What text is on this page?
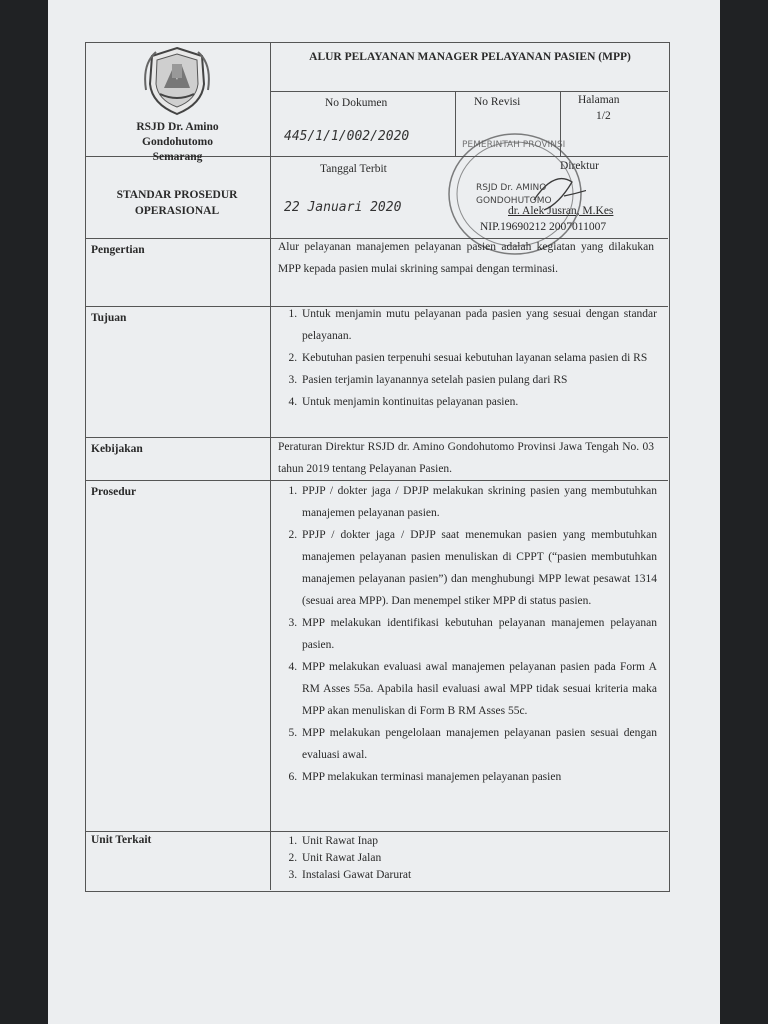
RSJD Dr. Amino Gondohutomo Semarang
ALUR PELAYANAN MANAGER PELAYANAN PASIEN (MPP)
No Dokumen
445/1/1/002/2020
No Revisi	Halaman
1/2
STANDAR PROSEDUR OPERASIONAL
Tanggal Terbit
22 Januari 2020
Direktur
dr. Alek Jusran, M.Kes
NIP.19690212 2007011007
PEMERINTAH PROVINSI
RSJD Dr. AMINO
GONDOHUTOMO
Pengertian	Alur pelayanan manajemen pelayanan pasien adalah kegiatan yang dilakukan MPP kepada pasien mulai skrining sampai dengan terminasi.
Tujuan	1. Untuk menjamin mutu pelayanan pada pasien yang sesuai dengan standar pelayanan.
2. Kebutuhan pasien terpenuhi sesuai kebutuhan layanan selama pasien di RS
3. Pasien terjamin layanannya setelah pasien pulang dari RS
4. Untuk menjamin kontinuitas pelayanan pasien.
Kebijakan	Peraturan Direktur RSJD dr. Amino Gondohutomo Provinsi Jawa Tengah No. 03 tahun 2019 tentang Pelayanan Pasien.
Prosedur	1. PPJP / dokter jaga / DPJP melakukan skrining pasien yang membutuhkan manajemen pelayanan pasien.
2. PPJP / dokter jaga / DPJP saat menemukan pasien yang membutuhkan manajemen pelayanan pasien menuliskan di CPPT (“pasien membutuhkan manajemen pelayanan pasien”) dan menghubungi MPP lewat pesawat 1314 (sesuai area MPP). Dan menempel stiker MPP di status pasien.
3. MPP melakukan identifikasi kebutuhan pelayanan manajemen pelayanan pasien.
4. MPP melakukan evaluasi awal manajemen pelayanan pasien pada Form A RM Asses 55a. Apabila hasil evaluasi awal MPP tidak sesuai kriteria maka MPP akan menuliskan di Form B RM Asses 55c.
5. MPP melakukan pengelolaan manajemen pelayanan pasien sesuai dengan evaluasi awal.
6. MPP melakukan terminasi manajemen pelayanan pasien
Unit Terkait	1. Unit Rawat Inap
2. Unit Rawat Jalan
3. Instalasi Gawat Darurat
